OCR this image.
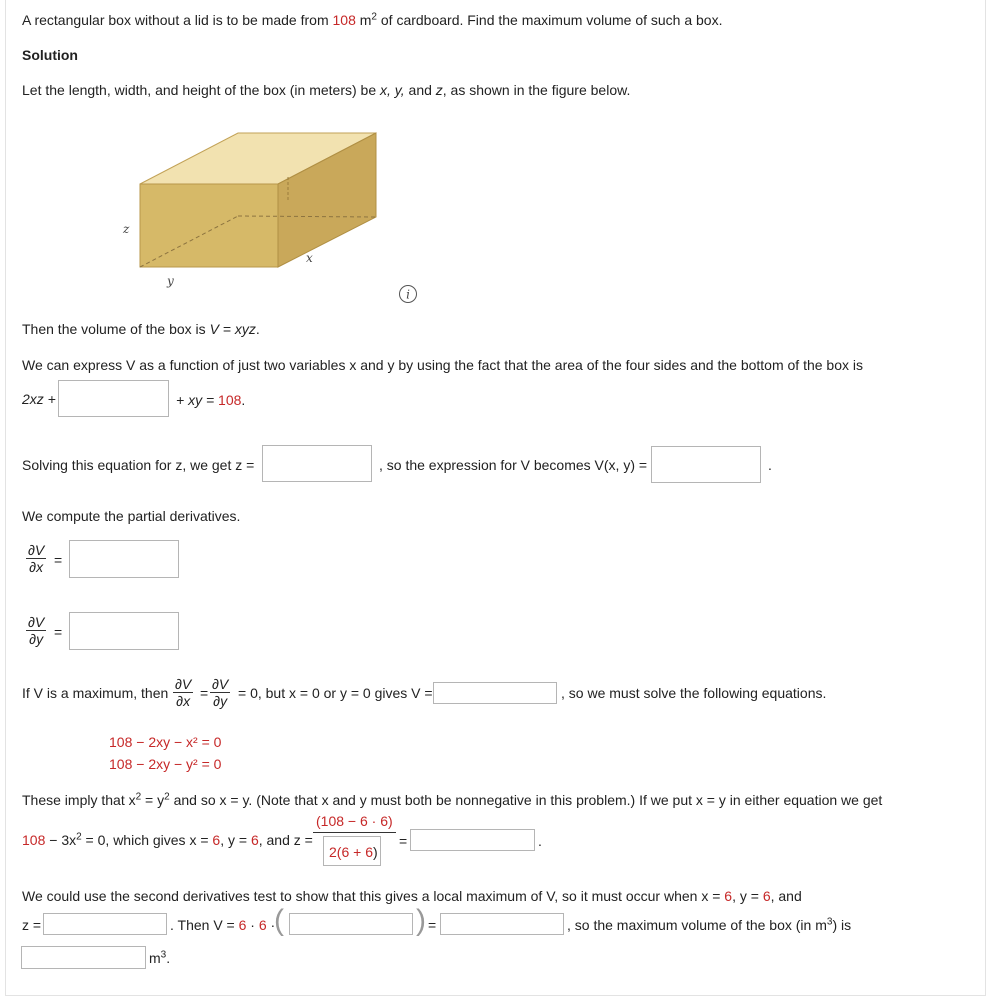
A rectangular box without a lid is to be made from 108 $m^2$ of cardboard. Find the maximum volume of such a box.
Solution
Let the length, width, and height of the box (in meters) be x, y, and z, as shown in the figure below.
z
y
x
i
Then the volume of the box is V = xyz.
We can express V as a function of just two variables x and y by using the fact that the area of the four sides and the bottom of the box is
2xz +	+ xy = 108.
Solving this equation for z, we get z =	, so the expression for V becomes V(x, y) =	.
We compute the partial derivatives.
$\frac{\partial V}{\partial x}$ =
$\frac{\partial V}{\partial y}$ =
If V is a maximum, then $\frac{\partial V}{\partial x} = \frac{\partial V}{\partial y} = 0$, but x = 0 or y = 0 gives V =	, so we must solve the following equations.
108 − 2xy − x² = 0
108 − 2xy − y² = 0
These imply that $x^2 = y^2$ and so x = y. (Note that x and y must both be nonnegative in this problem.) If we put x = y in either equation we get
$108 - 3x^2 = 0$, which gives x = 6, y = 6, and z =
(108 − 6 · 6)
2(6 + 6)
=	.
We could use the second derivatives test to show that this gives a local maximum of V, so it must occur when x = 6, y = 6, and
z =	. Then V = 6 · 6 ·
(	) =	, so the maximum volume of the box (in $m^3$) is
$m^3$.
